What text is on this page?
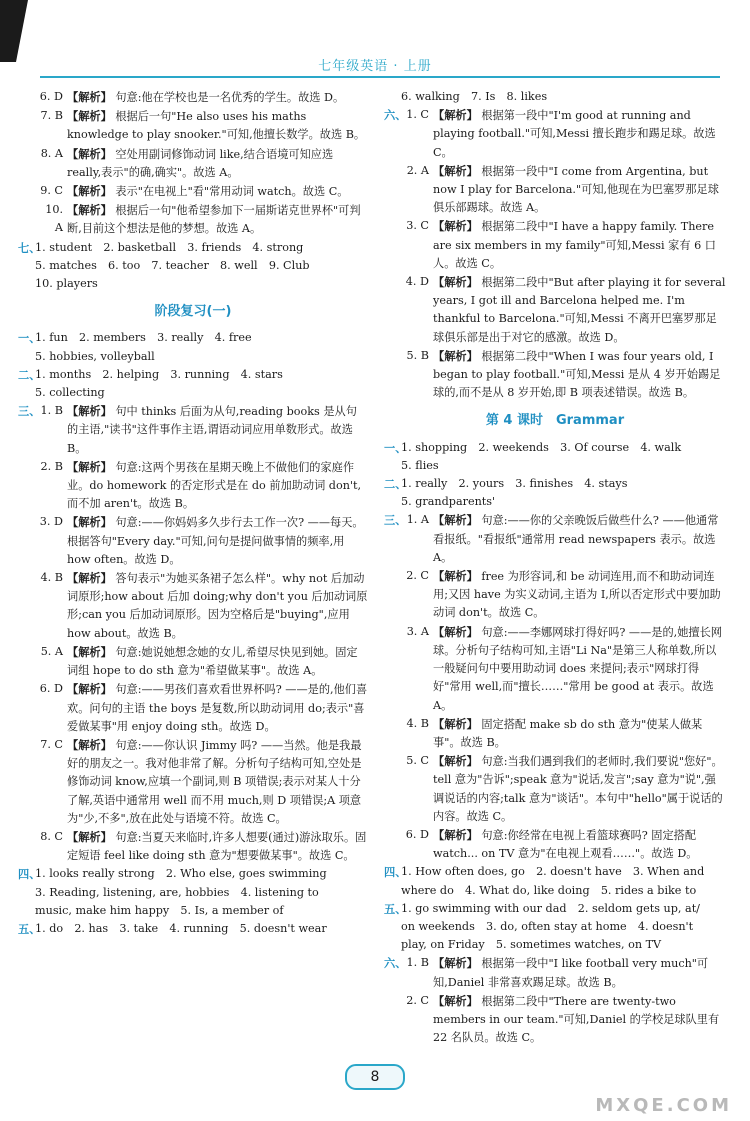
七年级英语 · 上册
6. D 【解析】 句意:他在学校也是一名优秀的学生。故选 D。
7. B 【解析】 根据后一句"He also uses his maths knowledge to play snooker."可知,他擅长数学。故选 B。
8. A 【解析】 空处用副词修饰动词 like,结合语境可知应选 really,表示"的确,确实"。故选 A。
9. C 【解析】 表示"在电视上"看"常用动词 watch。故选 C。
10. A
【解析】 根据后一句"他希望参加下一届斯诺克世界杯"可判断,目前这个想法是他的梦想。故选 A。
七、
1. student　2. basketball　3. friends　4. strong
5. matches　6. too　7. teacher　8. well　9. Club
10. players
阶段复习(一)
一、
1. fun　2. members　3. really　4. free
5. hobbies, volleyball
二、
1. months　2. helping　3. running　4. stars
5. collecting
三、 1. B 【解析】 句中 thinks 后面为从句,reading books 是从句的主语,"读书"这件事作主语,谓语动词应用单数形式。故选 B。
2. B 【解析】 句意:这两个男孩在星期天晚上不做他们的家庭作业。do homework 的否定形式是在 do 前加助动词 don't,而不加 aren't。故选 B。
3. D 【解析】 句意:——你妈妈多久步行去工作一次? ——每天。根据答句"Every day."可知,问句是提问做事情的频率,用 how often。故选 D。
4. B 【解析】 答句表示"为她买条裙子怎么样"。why not 后加动词原形;how about 后加 doing;why don't you 后加动词原形;can you 后加动词原形。因为空格后是"buying",应用 how about。故选 B。
5. A 【解析】 句意:她说她想念她的女儿,希望尽快见到她。固定词组 hope to do sth 意为"希望做某事"。故选 A。
6. D 【解析】 句意:——男孩们喜欢看世界杯吗? ——是的,他们喜欢。问句的主语 the boys 是复数,所以助动词用 do;表示"喜爱做某事"用 enjoy doing sth。故选 D。
7. C 【解析】 句意:——你认识 Jimmy 吗? ——当然。他是我最好的朋友之一。我对他非常了解。分析句子结构可知,空处是修饰动词 know,应填一个副词,则 B 项错误;表示对某人十分了解,英语中通常用 well 而不用 much,则 D 项错误;A 项意为"少,不多",放在此处与语境不符。故选 C。
8. C 【解析】 句意:当夏天来临时,许多人想要(通过)游泳取乐。固定短语 feel like doing sth 意为"想要做某事"。故选 C。
四、
1. looks really strong　2. Who else, goes swimming
3. Reading, listening, are, hobbies　4. listening to
music, make him happy　5. Is, a member of
五、
1. do　2. has　3. take　4. running　5. doesn't wear
6. walking　7. Is　8. likes
六、 1. C 【解析】 根据第一段中"I'm good at running and playing football."可知,Messi 擅长跑步和踢足球。故选 C。
2. A 【解析】 根据第一段中"I come from Argentina, but now I play for Barcelona."可知,他现在为巴塞罗那足球俱乐部踢球。故选 A。
3. C 【解析】 根据第二段中"I have a happy family. There are six members in my family"可知,Messi 家有 6 口人。故选 C。
4. D 【解析】 根据第二段中"But after playing it for several years, I got ill and Barcelona helped me. I'm thankful to Barcelona."可知,Messi 不离开巴塞罗那足球俱乐部是出于对它的感激。故选 D。
5. B 【解析】 根据第二段中"When I was four years old, I began to play football."可知,Messi 是从 4 岁开始踢足球的,而不是从 8 岁开始,即 B 项表述错误。故选 B。
第 4 课时　Grammar
一、
1. shopping　2. weekends　3. Of course　4. walk
5. flies
二、
1. really　2. yours　3. finishes　4. stays
5. grandparents'
三、 1. A 【解析】 句意:——你的父亲晚饭后做些什么? ——他通常看报纸。"看报纸"通常用 read newspapers 表示。故选 A。
2. C 【解析】 free 为形容词,和 be 动词连用,而不和助动词连用;又因 have 为实义动词,主语为 I,所以否定形式中要加助动词 don't。故选 C。
3. A 【解析】 句意:——李娜网球打得好吗? ——是的,她擅长网球。分析句子结构可知,主语"Li Na"是第三人称单数,所以一般疑问句中要用助动词 does 来提问;表示"网球打得好"常用 well,而"擅长……"常用 be good at 表示。故选 A。
4. B 【解析】 固定搭配 make sb do sth 意为"使某人做某事"。故选 B。
5. C 【解析】 句意:当我们遇到我们的老师时,我们要说"您好"。tell 意为"告诉";speak 意为"说话,发言";say 意为"说",强调说话的内容;talk 意为"谈话"。本句中"hello"属于说话的内容。故选 C。
6. D 【解析】 句意:你经常在电视上看篮球赛吗? 固定搭配 watch... on TV 意为"在电视上观看……"。故选 D。
四、
1. How often does, go　2. doesn't have　3. When and
where do　4. What do, like doing　5. rides a bike to
五、
1. go swimming with our dad　2. seldom gets up, at/
on weekends　3. do, often stay at home　4. doesn't
play, on Friday　5. sometimes watches, on TV
六、 1. B 【解析】 根据第一段中"I like football very much"可知,Daniel 非常喜欢踢足球。故选 B。
2. C 【解析】 根据第二段中"There are twenty-two members in our team."可知,Daniel 的学校足球队里有 22 名队员。故选 C。
8
MXQE.COM
